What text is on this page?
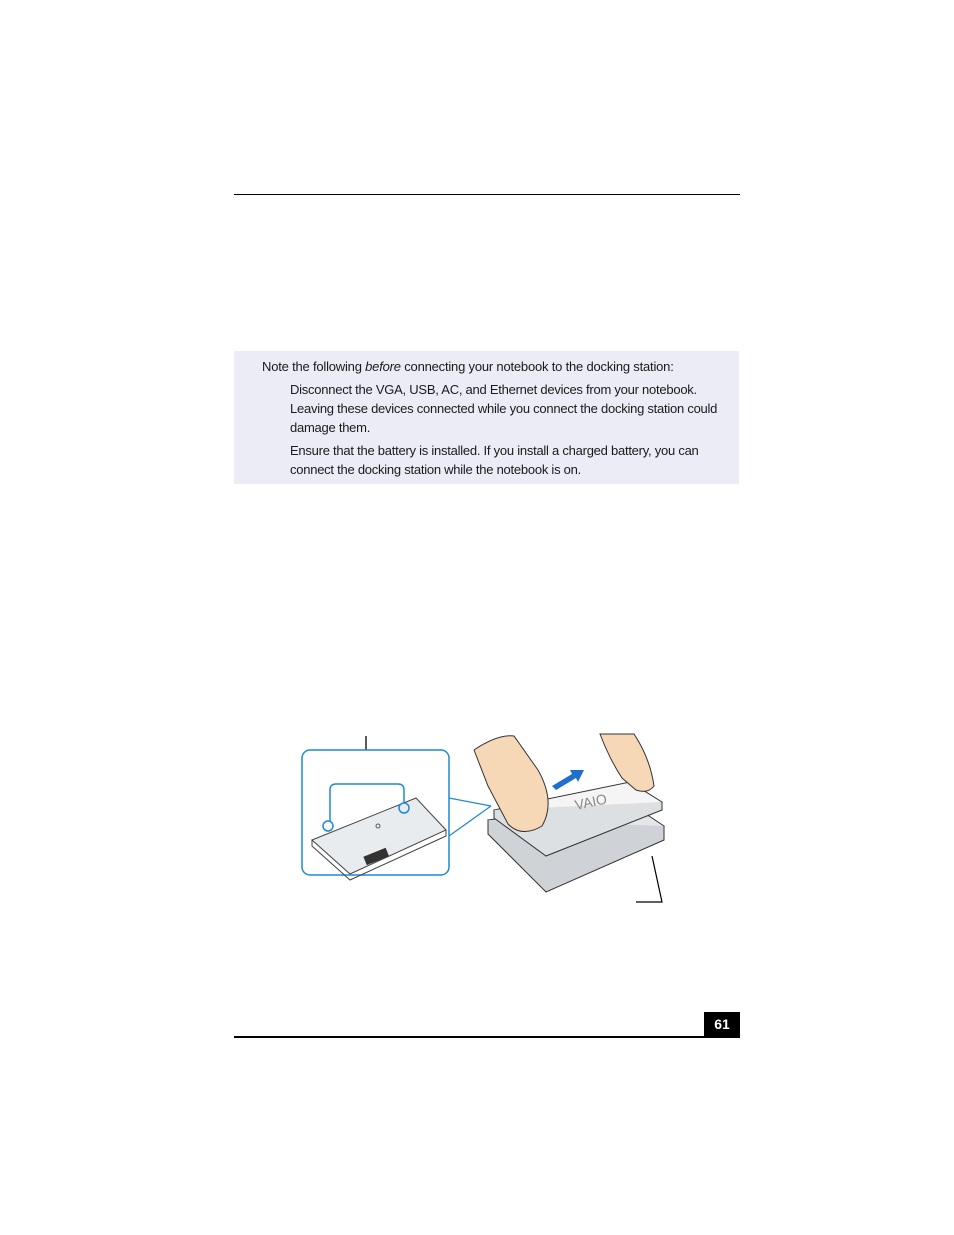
Note the following before connecting your notebook to the docking station:
Disconnect the VGA, USB, AC, and Ethernet devices from your notebook. Leaving these devices connected while you connect the docking station could damage them.
Ensure that the battery is installed. If you install a charged battery, you can connect the docking station while the notebook is on.
VAIO
61
